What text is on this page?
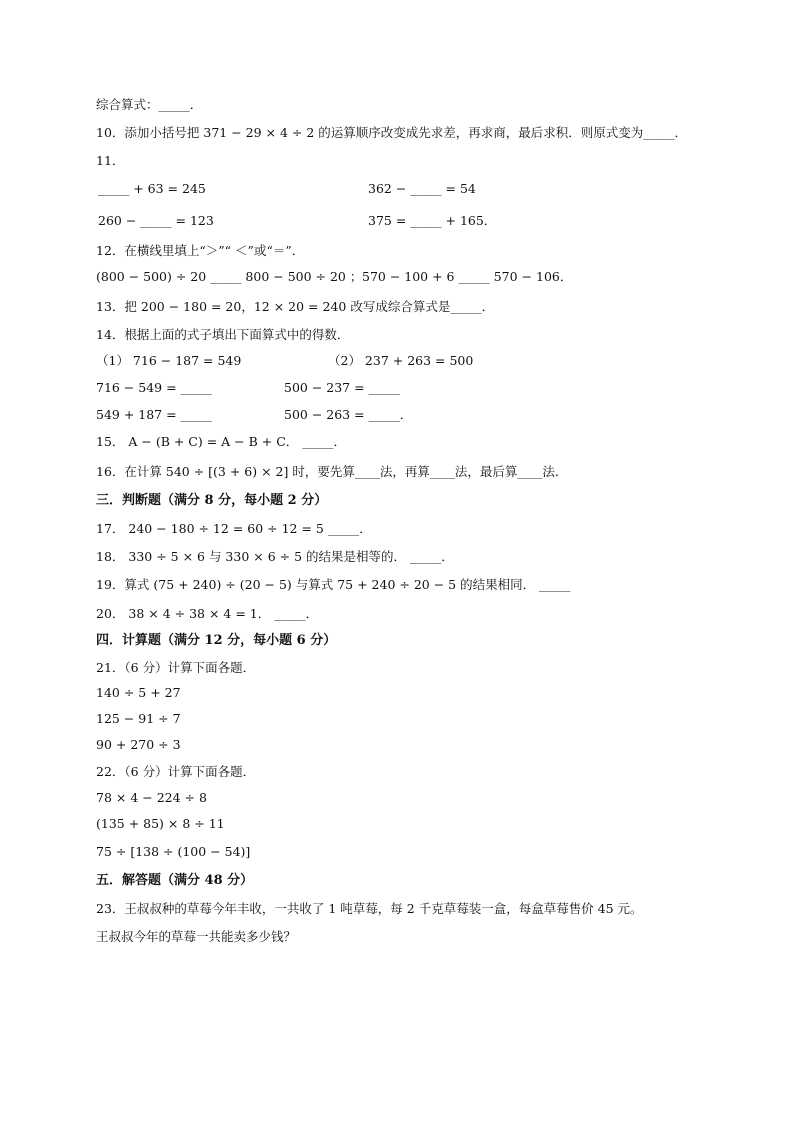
综合算式：_____．
10．添加小括号把 371 − 29 × 4 ÷ 2 的运算顺序改变成先求差，再求商，最后求积．则原式变为_____．
11．
_____ + 63 = 245	362 − _____ = 54
260 − _____ = 123	375 = _____ + 165．
12．在横线里填上“＞”“ ＜”或“＝”．
(800 − 500) ÷ 20 _____ 800 − 500 ÷ 20 ； 570 − 100 + 6 _____ 570 − 106．
13．把 200 − 180 = 20，12 × 20 = 240 改写成综合算式是_____．
14．根据上面的式子填出下面算式中的得数．
（1） 716 − 187 = 549	（2） 237 + 263 = 500
716 − 549 = _____	500 − 237 = _____
549 + 187 = _____	500 − 263 = _____．
15． A − (B + C) = A − B + C． _____．
16．在计算 540 ÷ [(3 + 6) × 2] 时，要先算____法，再算____法，最后算____法．
三．判断题（满分 8 分，每小题 2 分）
17． 240 − 180 ÷ 12 = 60 ÷ 12 = 5 _____．
18． 330 ÷ 5 × 6 与 330 × 6 ÷ 5 的结果是相等的． _____．
19．算式 (75 + 240) ÷ (20 − 5) 与算式 75 + 240 ÷ 20 − 5 的结果相同． _____
20． 38 × 4 ÷ 38 × 4 = 1． _____．
四．计算题（满分 12 分，每小题 6 分）
21．（6 分）计算下面各题．
140 ÷ 5 + 27
125 − 91 ÷ 7
90 + 270 ÷ 3
22．（6 分）计算下面各题．
78 × 4 − 224 ÷ 8
(135 + 85) × 8 ÷ 11
75 ÷ [138 ÷ (100 − 54)]
五．解答题（满分 48 分）
23．王叔叔种的草莓今年丰收，一共收了 1 吨草莓，每 2 千克草莓装一盒，每盒草莓售价 45 元。
王叔叔今年的草莓一共能卖多少钱？
